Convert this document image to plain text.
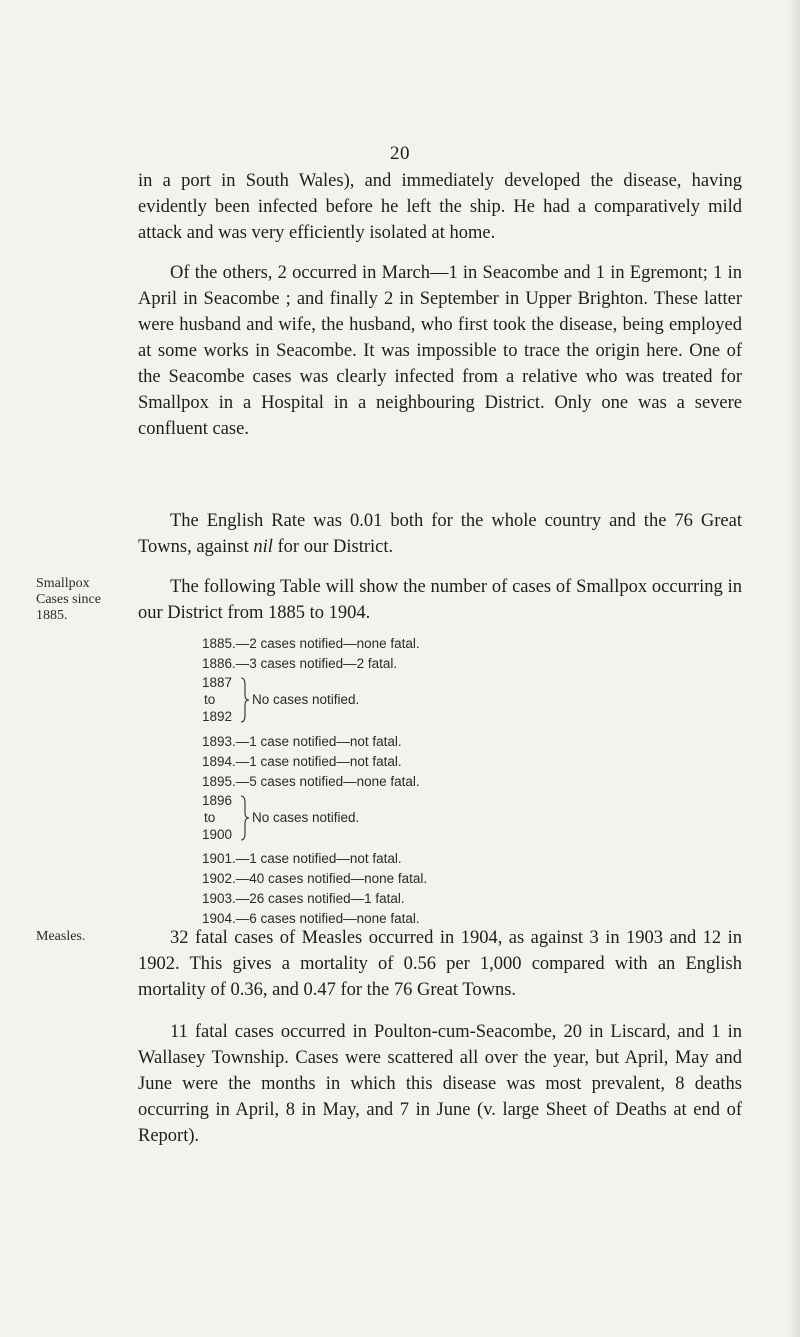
20

in a port in South Wales), and immediately developed the disease, having evidently been infected before he left the ship. He had a comparatively mild attack and was very efficiently isolated at home.

Of the others, 2 occurred in March—1 in Seacombe and 1 in Egremont; 1 in April in Seacombe ; and finally 2 in September in Upper Brighton. These latter were husband and wife, the husband, who first took the disease, being employed at some works in Seacombe. It was impossible to trace the origin here. One of the Seacombe cases was clearly infected from a relative who was treated for Smallpox in a Hospital in a neighbouring District. Only one was a severe confluent case.

The English Rate was 0.01 both for the whole country and the 76 Great Towns, against nil for our District.

Smallpox
Cases since
1885.

The following Table will show the number of cases of Smallpox occurring in our District from 1885 to 1904.

1885.—2 cases notified—none fatal.
1886.—3 cases notified—2 fatal.
1887
to
1892
No cases notified.
1893.—1 case notified—not fatal.
1894.—1 case notified—not fatal.
1895.—5 cases notified—none fatal.
1896
to
1900
No cases notified.
1901.—1 case notified—not fatal.
1902.—40 cases notified—none fatal.
1903.—26 cases notified—1 fatal.
1904.—6 cases notified—none fatal.
Measles.	32 fatal cases of Measles occurred in 1904, as against 3 in 1903 and 12 in 1902. This gives a mortality of 0.56 per 1,000 compared with an English mortality of 0.36, and 0.47 for the 76 Great Towns.

11 fatal cases occurred in Poulton-cum-Seacombe, 20 in Liscard, and 1 in Wallasey Township. Cases were scattered all over the year, but April, May and June were the months in which this disease was most prevalent, 8 deaths occurring in April, 8 in May, and 7 in June (v. large Sheet of Deaths at end of Report).
